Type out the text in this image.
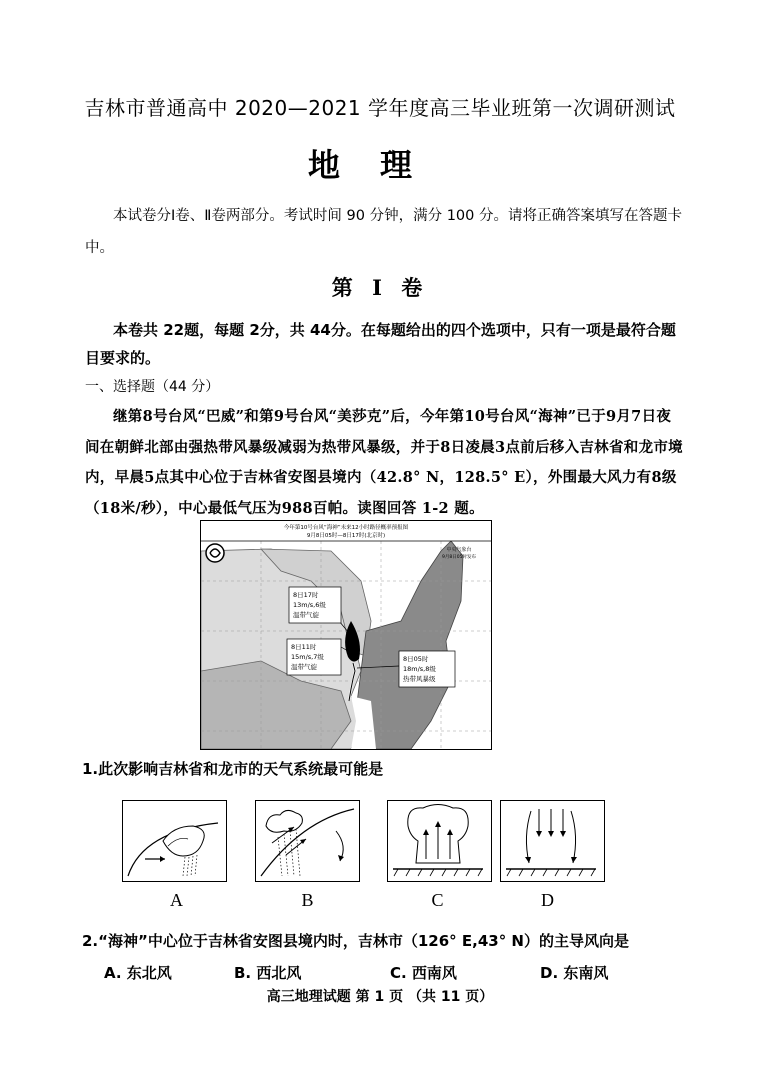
吉林市普通高中 2020—2021 学年度高三毕业班第一次调研测试
地理
本试卷分Ⅰ卷、Ⅱ卷两部分。考试时间 90 分钟，满分 100 分。请将正确答案填写在答题卡中。
第 Ⅰ 卷
本卷共 22题，每题 2分，共 44分。在每题给出的四个选项中，只有一项是最符合题目要求的。
一、选择题（44 分）
继第8号台风“巴威”和第9号台风“美莎克”后，今年第10号台风“海神”已于9月7日夜间在朝鲜北部由强热带风暴级减弱为热带风暴级，并于8日凌晨3点前后移入吉林省和龙市境内，早晨5点其中心位于吉林省安图县境内（42.8° N，128.5° E），外围最大风力有8级（18米/秒），中心最低气压为988百帕。读图回答 1-2 题。
今年第10号台风“海神”未来12小时路径概率预报图
9月8日05时—8日17时(北京时)
中央气象台
9月8日05时发布
8日17时
13m/s,6级
温带气旋
8日11时
15m/s,7级
温带气旋
8日05时
18m/s,8级
热带风暴级
1.此次影响吉林省和龙市的天气系统最可能是
A	B	C	D
2.“海神”中心位于吉林省安图县境内时，吉林市（126° E,43° N）的主导风向是
A. 东北风	B. 西北风	C. 西南风	D. 东南风
高三地理试题 第 1 页 （共 11 页）
